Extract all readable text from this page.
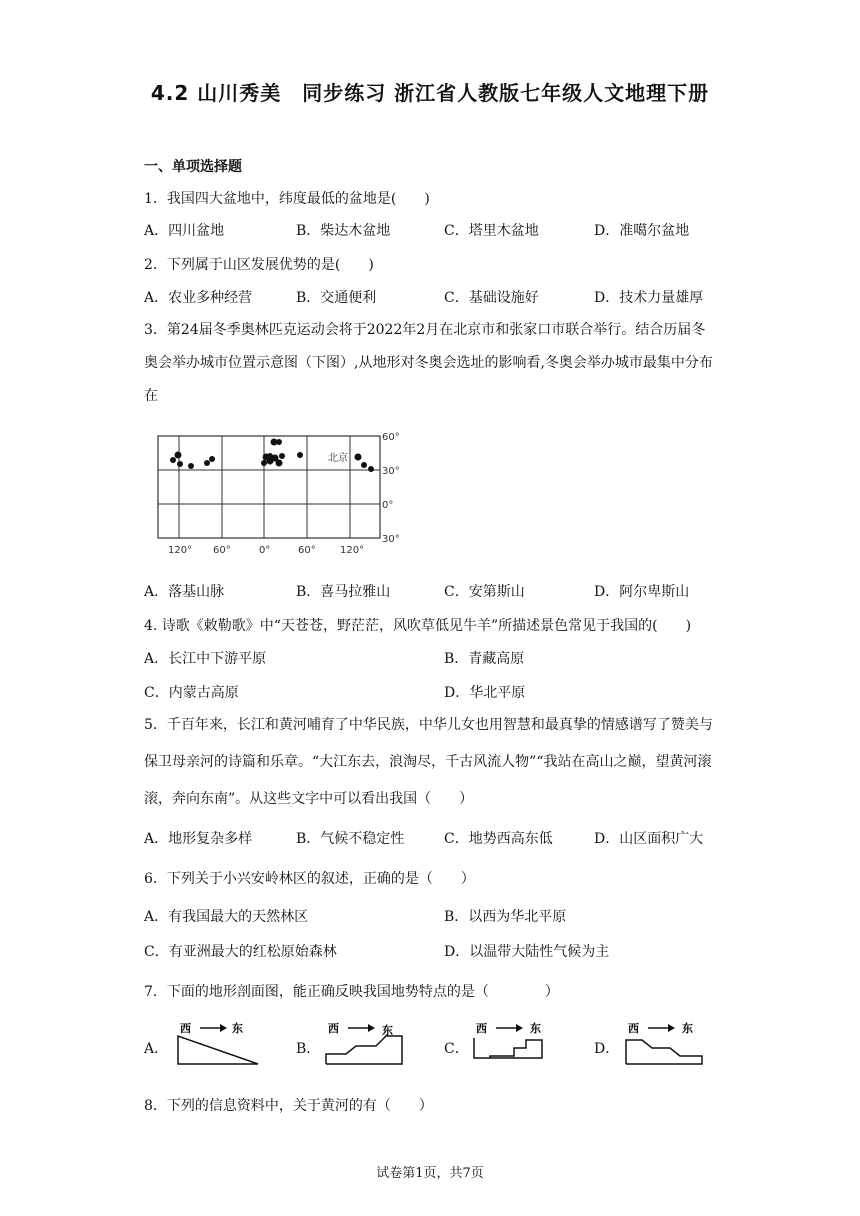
4.2 山川秀美　同步练习 浙江省人教版七年级人文地理下册
一、单项选择题
1．我国四大盆地中，纬度最低的盆地是(　　)
A．四川盆地	B．柴达木盆地	C．塔里木盆地	D．准噶尔盆地
2．下列属于山区发展优势的是(　　)
A．农业多种经营	B．交通便利	C．基础设施好	D．技术力量雄厚
3．第24届冬季奥林匹克运动会将于2022年2月在北京市和张家口市联合举行。结合历届冬奥会举办城市位置示意图（下图）,从地形对冬奥会选址的影响看,冬奥会举办城市最集中分布在
北京
60°
30°
0°
30°
120° 60°	0°	60° 120°
A．落基山脉	B．喜马拉雅山	C．安第斯山	D．阿尔卑斯山
4. 诗歌《敕勒歌》中“天苍苍，野茫茫，风吹草低见牛羊”所描述景色常见于我国的(　　)
A．长江中下游平原	B．青藏高原
C．内蒙古高原	D．华北平原
5．千百年来，长江和黄河哺育了中华民族，中华儿女也用智慧和最真挚的情感谱写了赞美与保卫母亲河的诗篇和乐章。“大江东去，浪淘尽，千古风流人物”“我站在高山之巅，望黄河滚滚，奔向东南”。从这些文字中可以看出我国（　　）
A．地形复杂多样	B．气候不稳定性	C．地势西高东低	D．山区面积广大
6．下列关于小兴安岭林区的叙述，正确的是（　　）
A．有我国最大的天然林区	B．以西为华北平原
C．有亚洲最大的红松原始森林	D．以温带大陆性气候为主
7．下面的地形剖面图，能正确反映我国地势特点的是（　　　　）
A．
西	东
B．
西	东
C．
西	东
D．
西	东
8．下列的信息资料中，关于黄河的有（　　）
试卷第1页，共7页
